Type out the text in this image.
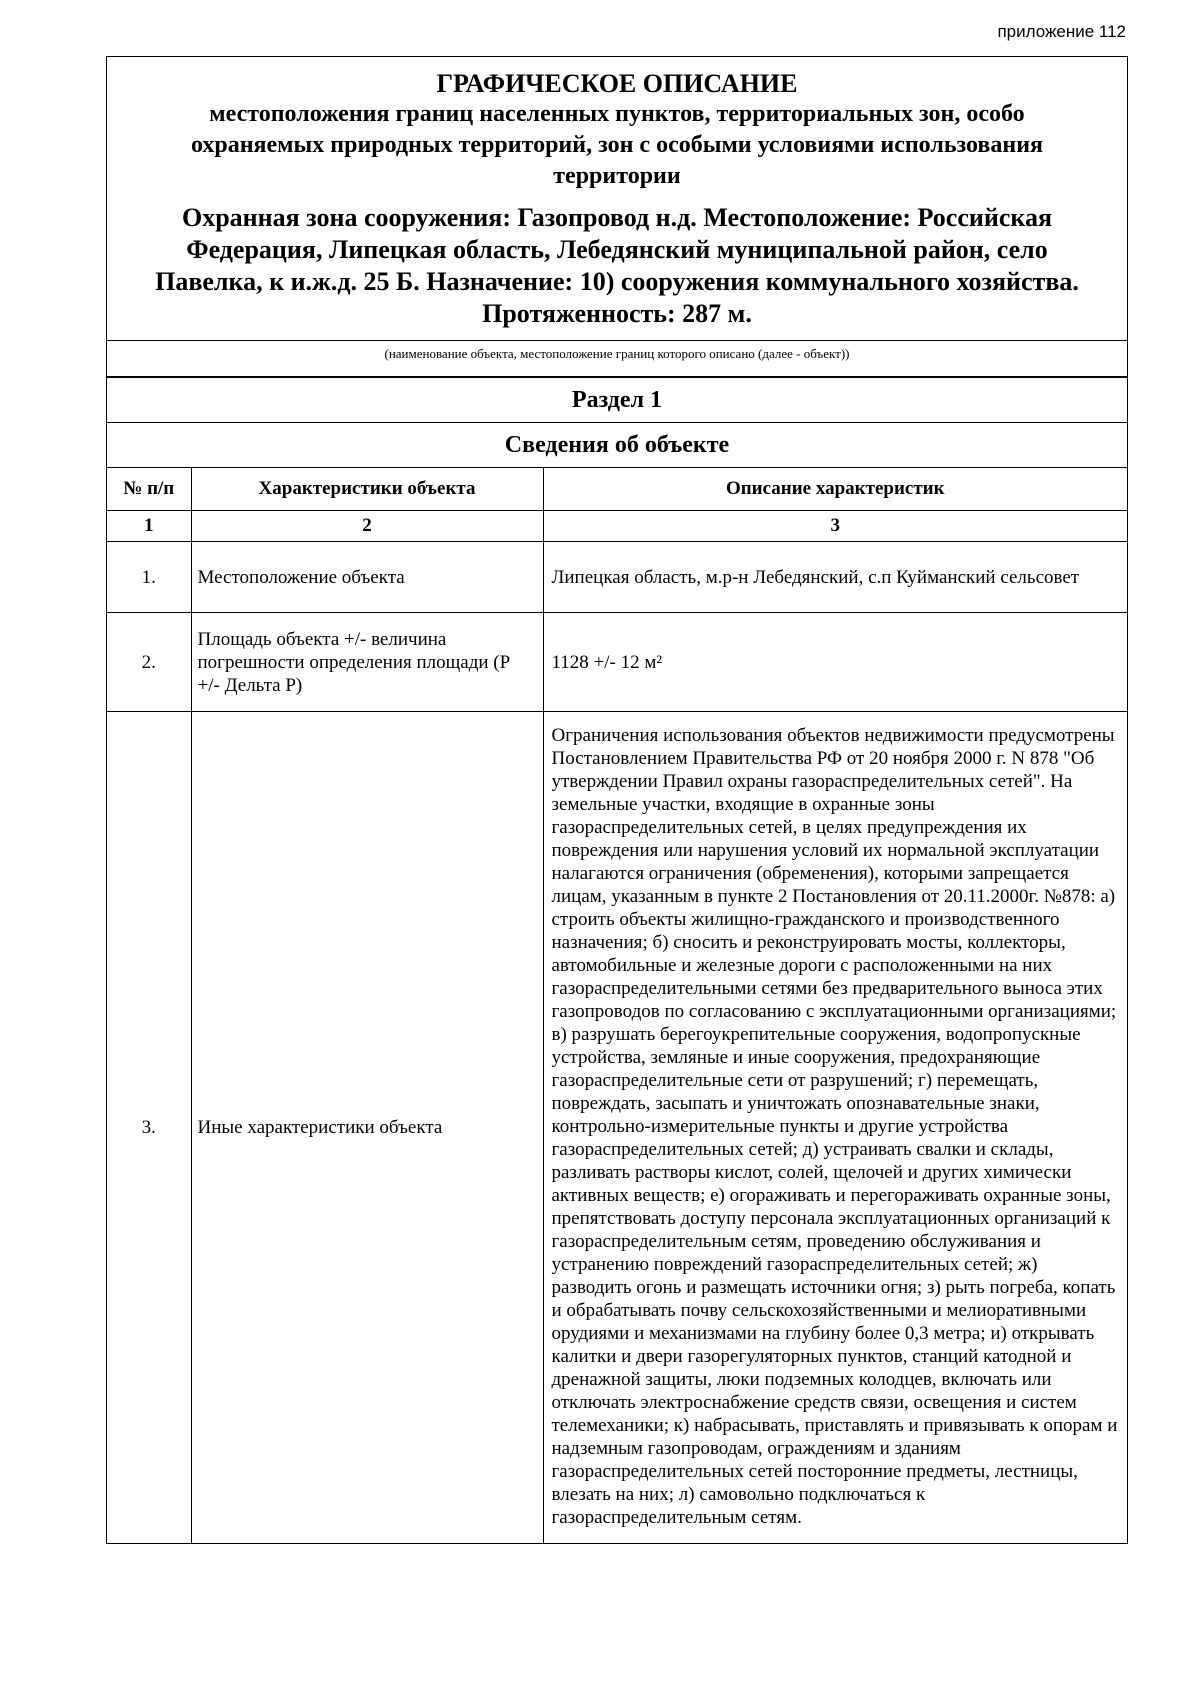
приложение 112

ГРАФИЧЕСКОЕ ОПИСАНИЕ

местоположения границ населенных пунктов, территориальных зон, особо охраняемых природных территорий, зон с особыми условиями использования территории

Охранная зона сооружения: Газопровод н.д. Местоположение: Российская Федерация, Липецкая область, Лебедянский муниципальной район, село Павелка, к и.ж.д. 25 Б. Назначение: 10) сооружения коммунального хозяйства. Протяженность: 287 м.

(наименование объекта, местоположение границ которого описано (далее - объект))
Раздел 1		
Сведения об объекте		
№ п/п	Характеристики объекта	Описание характеристик
1	2	3
1.	Местоположение объекта	Липецкая область, м.р-н Лебедянский, с.п Куйманский сельсовет
2.	Площадь объекта +/- величина погрешности определения площади (Р +/- Дельта Р)	1128 +/- 12 м²
3.	Иные характеристики объекта	Ограничения использования объектов недвижимости предусмотрены Постановлением Правительства РФ от 20 ноября 2000 г. N 878 "Об утверждении Правил охраны газораспределительных сетей". На земельные участки, входящие в охранные зоны газораспределительных сетей, в целях предупреждения их повреждения или нарушения условий их нормальной эксплуатации налагаются ограничения (обременения), которыми запрещается лицам, указанным в пункте 2 Постановления от 20.11.2000г. №878: а) строить объекты жилищно-гражданского и производственного назначения; б) сносить и реконструировать мосты, коллекторы, автомобильные и железные дороги с расположенными на них газораспределительными сетями без предварительного выноса этих газопроводов по согласованию с эксплуатационными организациями; в) разрушать берегоукрепительные сооружения, водопропускные устройства, земляные и иные сооружения, предохраняющие газораспределительные сети от разрушений; г) перемещать, повреждать, засыпать и уничтожать опознавательные знаки, контрольно-измерительные пункты и другие устройства газораспределительных сетей; д) устраивать свалки и склады, разливать растворы кислот, солей, щелочей и других химически активных веществ; е) огораживать и перегораживать охранные зоны, препятствовать доступу персонала эксплуатационных организаций к газораспределительным сетям, проведению обслуживания и устранению повреждений газораспределительных сетей; ж) разводить огонь и размещать источники огня; з) рыть погреба, копать и обрабатывать почву сельскохозяйственными и мелиоративными орудиями и механизмами на глубину более 0,3 метра; и) открывать калитки и двери газорегуляторных пунктов, станций катодной и дренажной защиты, люки подземных колодцев, включать или отключать электроснабжение средств связи, освещения и систем телемеханики; к) набрасывать, приставлять и привязывать к опорам и надземным газопроводам, ограждениям и зданиям газораспределительных сетей посторонние предметы, лестницы, влезать на них; л) самовольно подключаться к газораспределительным сетям.
